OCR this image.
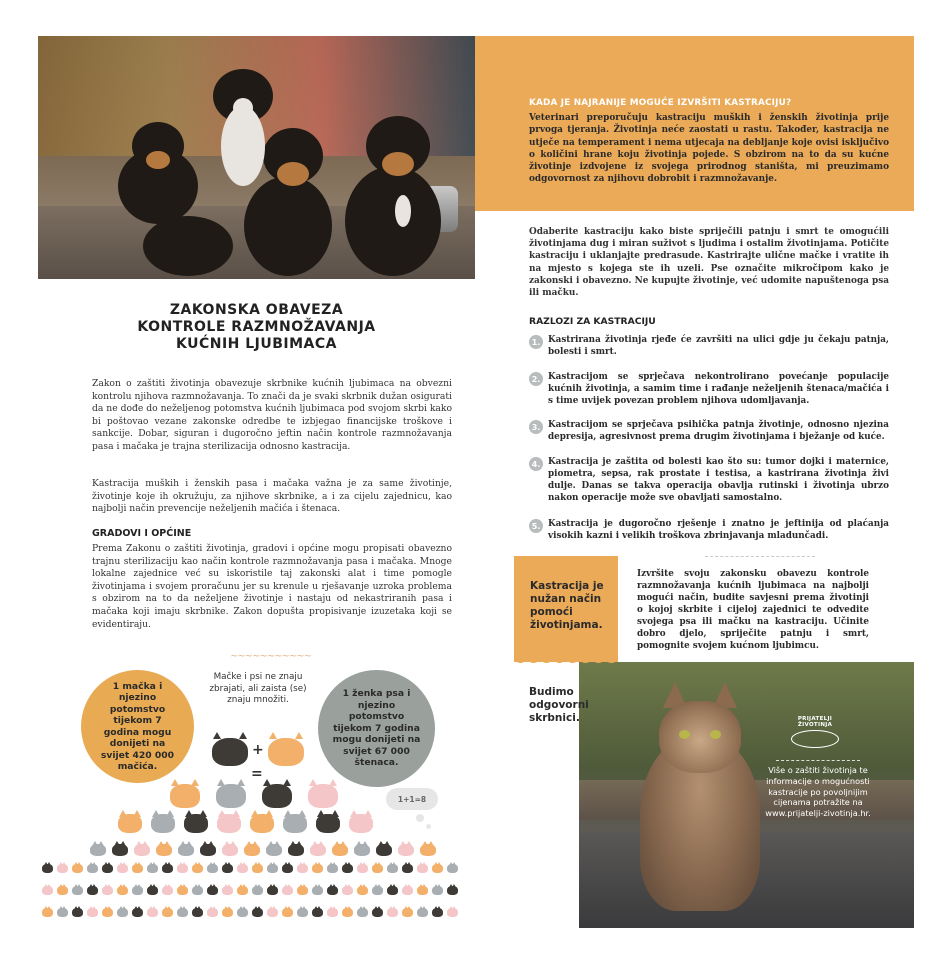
ZAKONSKA OBAVEZA
KONTROLE RAZMNOŽAVANJA
KUĆNIH LJUBIMACA

Zakon o zaštiti životinja obavezuje skrbnike kućnih ljubimaca na obvezni kontrolu njihova razmnožavanja. To znači da je svaki skrbnik dužan osigurati da ne dođe do neželjenog potomstva kućnih ljubimaca pod svojom skrbi kako bi poštovao vezane zakonske odredbe te izbjegao financijske troškove i sankcije. Dobar, siguran i dugoročno jeftin način kontrole razmnožavanja pasa i mačaka je trajna sterilizacija odnosno kastracija.

Kastracija muških i ženskih pasa i mačaka važna je za same životinje, životinje koje ih okružuju, za njihove skrbnike, a i za cijelu zajednicu, kao najbolji način prevencije neželjenih mačića i štenaca.

GRADOVI I OPĆINE

Prema Zakonu o zaštiti životinja, gradovi i općine mogu propisati obavezno trajnu sterilizaciju kao način kontrole razmnožavanja pasa i mačaka. Mnoge lokalne zajednice već su iskoristile taj zakonski alat i time pomogle životinjama i svojem proračunu jer su krenule u rješavanje uzroka problema s obzirom na to da neželjene životinje i nastaju od nekastriranih pasa i mačaka koji imaju skrbnike. Zakon dopušta propisivanje izuzetaka koji se evidentiraju.

~~~~~~~~~~~
1 mačka i njezino potomstvo tijekom 7 godina mogu donijeti na svijet 420 000 mačića.
Mačke i psi ne znaju zbrajati, ali zaista (se) znaju množiti.
1 ženka psa i njezino potomstvo tijekom 7 godina mogu donijeti na svijet 67 000 štenaca.
+
=
1+1=8
KADA JE NAJRANIJE MOGUĆE IZVRŠITI KASTRACIJU?

Veterinari preporučuju kastraciju muških i ženskih životinja prije prvoga tjeranja. Životinja neće zaostati u rastu. Također, kastracija ne utječe na temperament i nema utjecaja na debljanje koje ovisi isključivo o količini hrane koju životinja pojede. S obzirom na to da su kućne životinje izdvojene iz svojega prirodnog staništa, mi preuzimamo odgovornost za njihovu dobrobit i razmnožavanje.

Odaberite kastraciju kako biste spriječili patnju i smrt te omogućili životinjama dug i miran suživot s ljudima i ostalim životinjama. Potičite kastraciju i uklanjajte predrasude. Kastrirajte ulične mačke i vratite ih na mjesto s kojega ste ih uzeli. Pse označite mikročipom kako je zakonski i obavezno. Ne kupujte životinje, već udomite napuštenoga psa ili mačku.

RAZLOZI ZA KASTRACIJU
1. Kastrirana životinja rjeđe će završiti na ulici gdje ju čekaju patnja, bolesti i smrt.
2. Kastracijom se sprječava nekontrolirano povećanje populacije kućnih životinja, a samim time i rađanje neželjenih štenaca/mačića i s time uvijek povezan problem njihova udomljavanja.
3. Kastracijom se sprječava psihička patnja životinje, odnosno njezina depresija, agresivnost prema drugim životinjama i bježanje od kuće.
4. Kastracija je zaštita od bolesti kao što su: tumor dojki i maternice, piometra, sepsa, rak prostate i testisa, a kastrirana životinja živi dulje. Danas se takva operacija obavlja rutinski i životinja ubrzo nakon operacije može sve obavljati samostalno.
5. Kastracija je dugoročno rješenje i znatno je jeftinija od plaćanja visokih kazni i velikih troškova zbrinjavanja mladunčadi.
Budimo odgovorni skrbnici.
Kastracija je nužan način pomoći životinjama.

Izvršite svoju zakonsku obavezu kontrole razmnožavanja kućnih ljubimaca na najbolji mogući način, budite savjesni prema životinji o kojoj skrbite i cijeloj zajednici te odvedite svojega psa ili mačku na kastraciju. Učinite dobro djelo, spriječite patnju i smrt, pomognite svojem kućnom ljubimcu.

PRIJATELJI ŽIVOTINJA
Više o zaštiti životinja te informacije o mogućnosti kastracije po povoljnijim cijenama potražite na www.prijatelji-zivotinja.hr.
